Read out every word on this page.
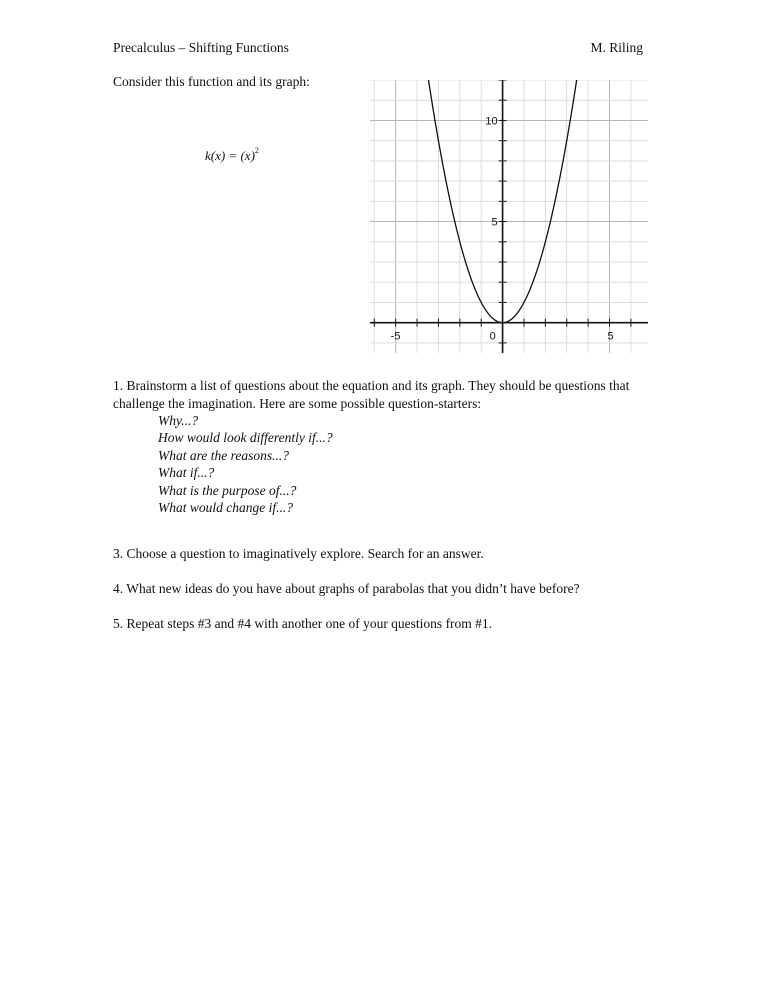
Precalculus – Shifting Functions	M. Riling
Consider this function and its graph:
$k(x) = (x)^2$
-5	0	5
5
10
1. Brainstorm a list of questions about the equation and its graph. They should be questions that challenge the imagination. Here are some possible question-starters:
Why...?
How would look differently if...?
What are the reasons...?
What if...?
What is the purpose of...?
What would change if...?
3. Choose a question to imaginatively explore. Search for an answer.
4. What new ideas do you have about graphs of parabolas that you didn’t have before?
5. Repeat steps #3 and #4 with another one of your questions from #1.
